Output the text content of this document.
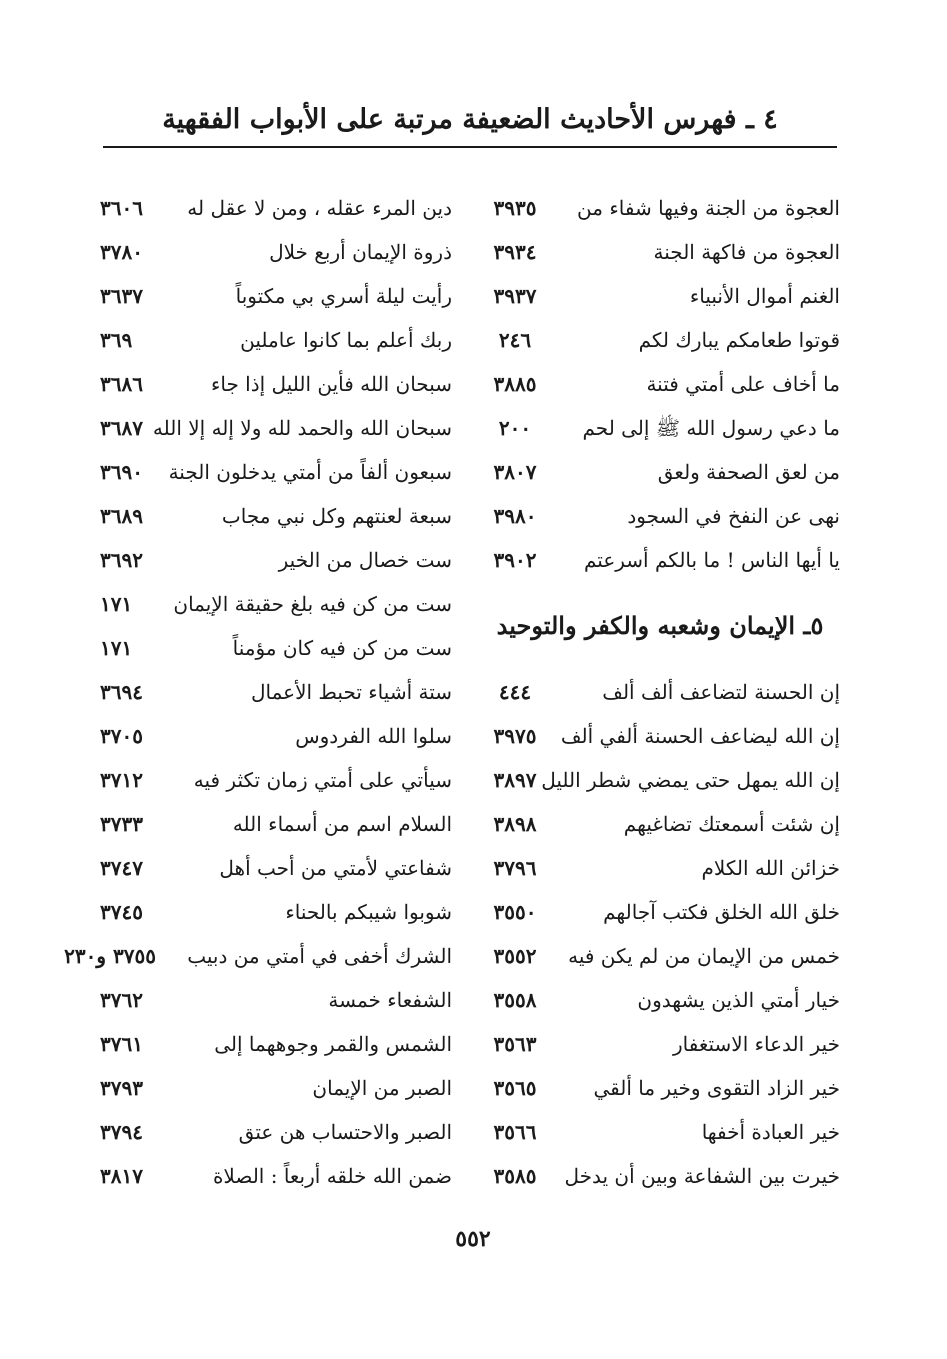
٤ ـ فهرس الأحاديث الضعيفة مرتبة على الأبواب الفقهية
العجوة من الجنة وفيها شفاء من
٣٩٣٥
العجوة من فاكهة الجنة
٣٩٣٤
الغنم أموال الأنبياء
٣٩٣٧
قوتوا طعامكم يبارك لكم
٢٤٦
ما أخاف على أمتي فتنة
٣٨٨٥
ما دعي رسول الله ﷺ إلى لحم
٢٠٠
من لعق الصحفة ولعق
٣٨٠٧
نهى عن النفخ في السجود
٣٩٨٠
يا أيها الناس ! ما بالكم أسرعتم
٣٩٠٢
٥ـ الإيمان وشعبه والكفر والتوحيد
إن الحسنة لتضاعف ألف ألف
٤٤٤
إن الله ليضاعف الحسنة ألفي ألف
٣٩٧٥
إن الله يمهل حتى يمضي شطر الليل
٣٨٩٧
إن شئت أسمعتك تضاغيهم
٣٨٩٨
خزائن الله الكلام
٣٧٩٦
خلق الله الخلق فكتب آجالهم
٣٥٥٠
خمس من الإيمان من لم يكن فيه
٣٥٥٢
خيار أمتي الذين يشهدون
٣٥٥٨
خير الدعاء الاستغفار
٣٥٦٣
خير الزاد التقوى وخير ما ألقي
٣٥٦٥
خير العبادة أخفها
٣٥٦٦
خيرت بين الشفاعة وبين أن يدخل
٣٥٨٥
دين المرء عقله ، ومن لا عقل له
٣٦٠٦
ذروة الإيمان أربع خلال
٣٧٨٠
رأيت ليلة أسري بي مكتوباً
٣٦٣٧
ربك أعلم بما كانوا عاملين
٣٦٩
سبحان الله فأين الليل إذا جاء
٣٦٨٦
سبحان الله والحمد لله ولا إله إلا الله
٣٦٨٧
سبعون ألفاً من أمتي يدخلون الجنة
٣٦٩٠
سبعة لعنتهم وكل نبي مجاب
٣٦٨٩
ست خصال من الخير
٣٦٩٢
ست من كن فيه بلغ حقيقة الإيمان
١٧١
ست من كن فيه كان مؤمناً
١٧١
ستة أشياء تحبط الأعمال
٣٦٩٤
سلوا الله الفردوس
٣٧٠٥
سيأتي على أمتي زمان تكثر فيه
٣٧١٢
السلام اسم من أسماء الله
٣٧٣٣
شفاعتي لأمتي من أحب أهل
٣٧٤٧
شوبوا شيبكم بالحناء
٣٧٤٥
الشرك أخفى في أمتي من دبيب
٣٧٥٥ و٢٣٠
الشفعاء خمسة
٣٧٦٢
الشمس والقمر وجوههما إلى
٣٧٦١
الصبر من الإيمان
٣٧٩٣
الصبر والاحتساب هن عتق
٣٧٩٤
ضمن الله خلقه أربعاً : الصلاة
٣٨١٧
٥٥٢
